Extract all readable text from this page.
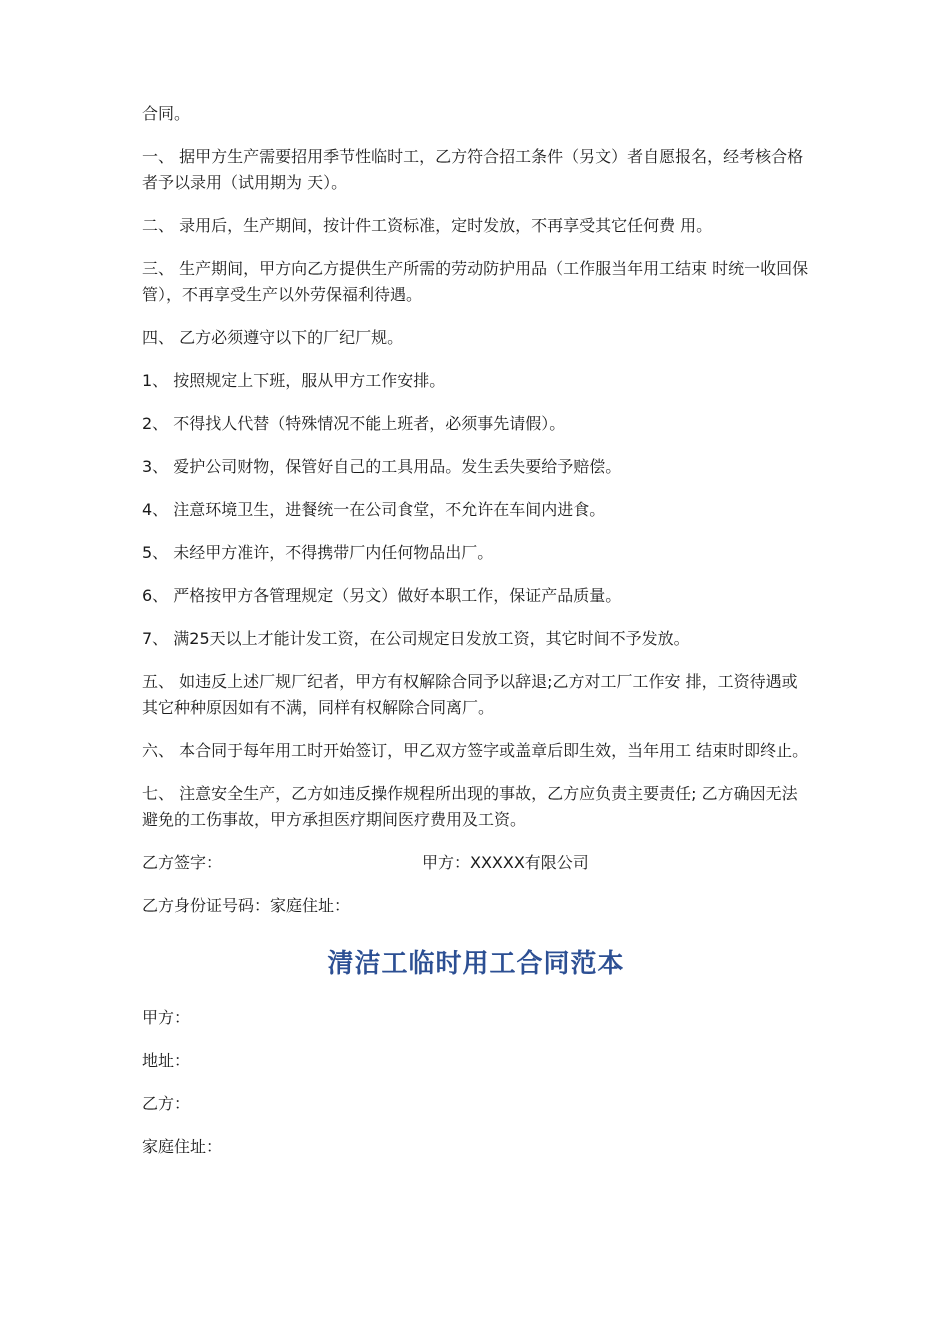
合同。

一、 据甲方生产需要招用季节性临时工，乙方符合招工条件（另文）者自愿报名，经考核合格者予以录用（试用期为 天）。

二、 录用后，生产期间，按计件工资标准，定时发放，不再享受其它任何费 用。

三、 生产期间，甲方向乙方提供生产所需的劳动防护用品（工作服当年用工结束 时统一收回保管），不再享受生产以外劳保福利待遇。

四、 乙方必须遵守以下的厂纪厂规。

1、 按照规定上下班，服从甲方工作安排。

2、 不得找人代替（特殊情况不能上班者，必须事先请假）。

3、 爱护公司财物，保管好自己的工具用品。发生丢失要给予赔偿。

4、 注意环境卫生，进餐统一在公司食堂，不允许在车间内进食。

5、 未经甲方准许，不得携带厂内任何物品出厂。

6、 严格按甲方各管理规定（另文）做好本职工作，保证产品质量。

7、 满25天以上才能计发工资，在公司规定日发放工资，其它时间不予发放。

五、 如违反上述厂规厂纪者，甲方有权解除合同予以辞退;乙方对工厂工作安 排，工资待遇或其它种种原因如有不满，同样有权解除合同离厂。

六、 本合同于每年用工时开始签订，甲乙双方签字或盖章后即生效，当年用工 结束时即终止。

七、 注意安全生产，乙方如违反操作规程所出现的事故，乙方应负责主要责任; 乙方确因无法避免的工伤事故，甲方承担医疗期间医疗费用及工资。

乙方签字：	甲方：XXXXX有限公司
乙方身份证号码：家庭住址：
清洁工临时用工合同范本
甲方：
地址：
乙方：
家庭住址：
